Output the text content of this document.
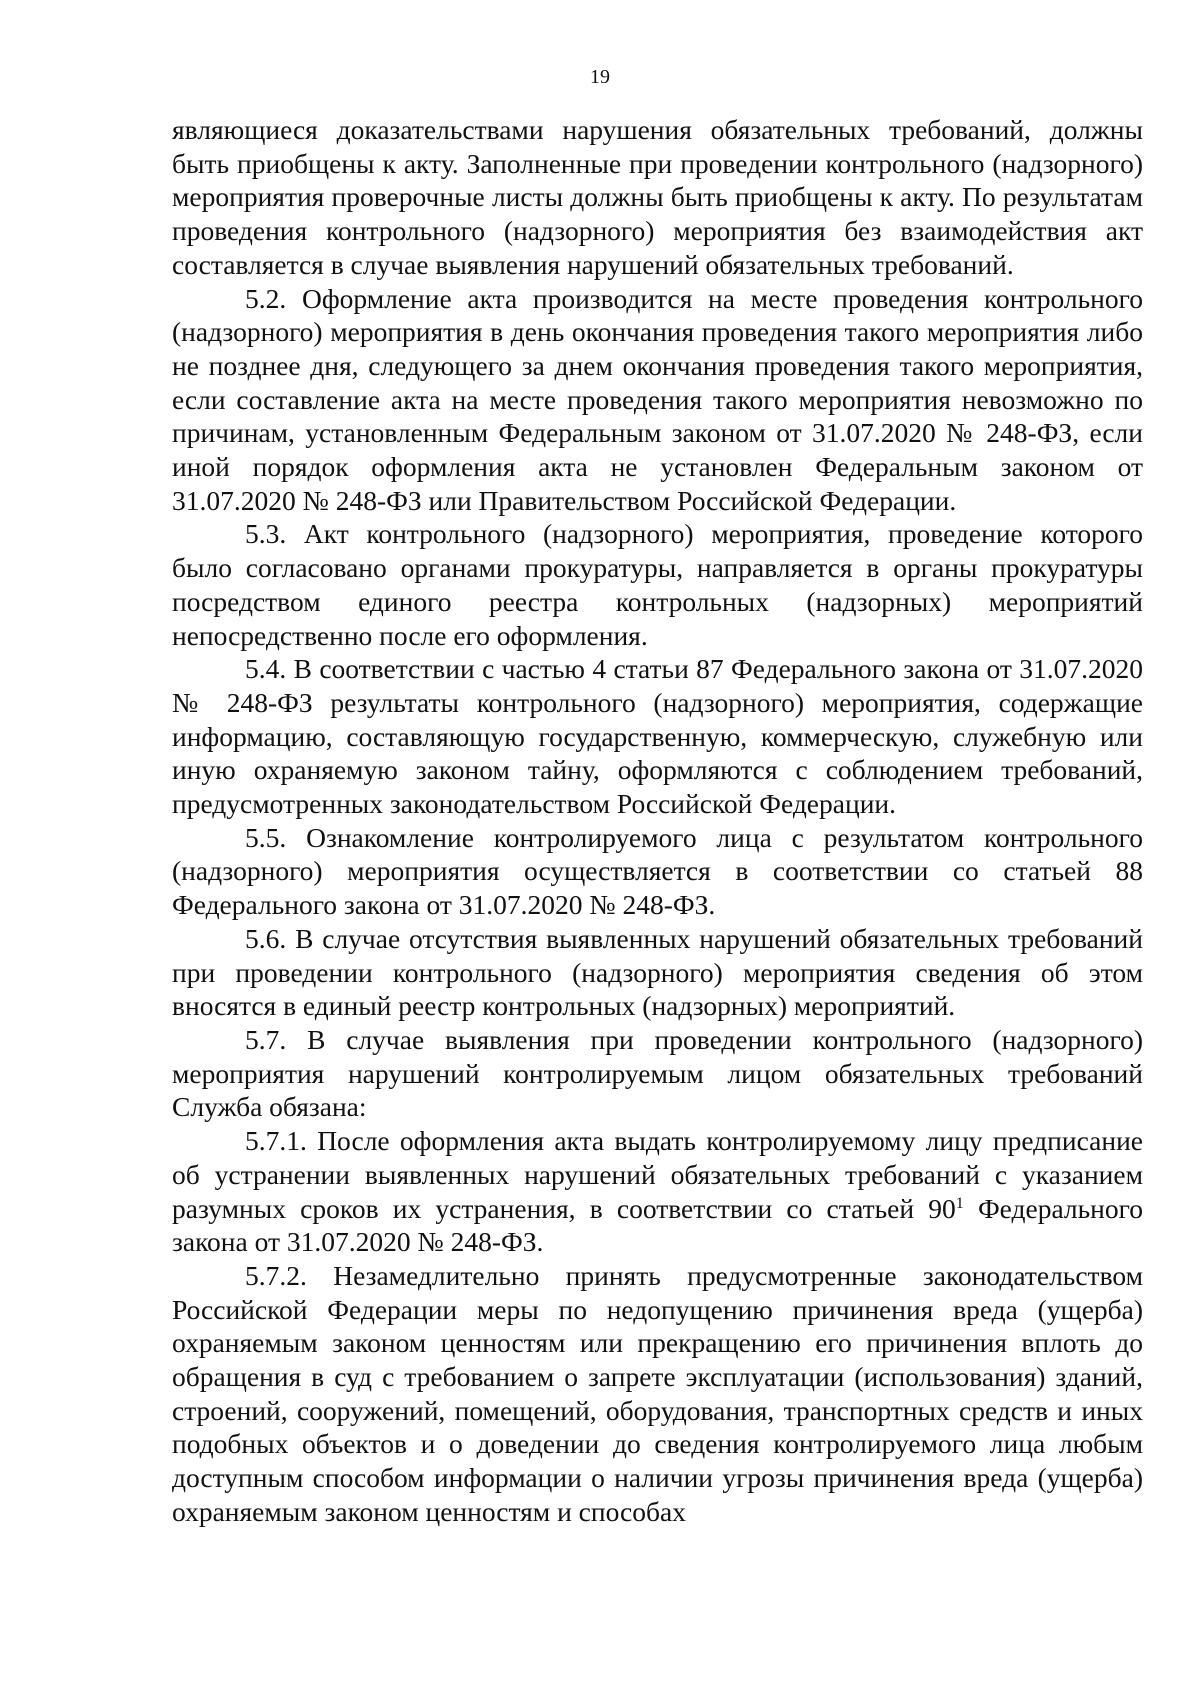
19

являющиеся доказательствами нарушения обязательных требований, должны быть приобщены к акту. Заполненные при проведении контрольного (надзорного) мероприятия проверочные листы должны быть приобщены к акту. По результатам проведения контрольного (надзорного) мероприятия без взаимодействия акт составляется в случае выявления нарушений обязательных требований.

5.2. Оформление акта производится на месте проведения контрольного (надзорного) мероприятия в день окончания проведения такого мероприятия либо не позднее дня, следующего за днем окончания проведения такого мероприятия, если составление акта на месте проведения такого мероприятия невозможно по причинам, установленным Федеральным законом от 31.07.2020 № 248-ФЗ, если иной порядок оформления акта не установлен Федеральным законом от 31.07.2020 № 248-ФЗ или Правительством Российской Федерации.

5.3. Акт контрольного (надзорного) мероприятия, проведение которого было согласовано органами прокуратуры, направляется в органы прокуратуры посредством единого реестра контрольных (надзорных) мероприятий непосредственно после его оформления.

5.4. В соответствии с частью 4 статьи 87 Федерального закона от 31.07.2020 № 248-ФЗ результаты контрольного (надзорного) мероприятия, содержащие информацию, составляющую государственную, коммерческую, служебную или иную охраняемую законом тайну, оформляются с соблюдением требований, предусмотренных законодательством Российской Федерации.

5.5. Ознакомление контролируемого лица с результатом контрольного (надзорного) мероприятия осуществляется в соответствии со статьей 88 Федерального закона от 31.07.2020 № 248-ФЗ.

5.6. В случае отсутствия выявленных нарушений обязательных требований при проведении контрольного (надзорного) мероприятия сведения об этом вносятся в единый реестр контрольных (надзорных) мероприятий.

5.7. В случае выявления при проведении контрольного (надзорного) мероприятия нарушений контролируемым лицом обязательных требований Служба обязана:

5.7.1. После оформления акта выдать контролируемому лицу предписание об устранении выявленных нарушений обязательных требований с указанием разумных сроков их устранения, в соответствии со статьей $90^1$ Федерального закона от 31.07.2020 № 248-ФЗ.

5.7.2. Незамедлительно принять предусмотренные законодательством Российской Федерации меры по недопущению причинения вреда (ущерба) охраняемым законом ценностям или прекращению его причинения вплоть до обращения в суд с требованием о запрете эксплуатации (использования) зданий, строений, сооружений, помещений, оборудования, транспортных средств и иных подобных объектов и о доведении до сведения контролируемого лица любым доступным способом информации о наличии угрозы причинения вреда (ущерба) охраняемым законом ценностям и способах
